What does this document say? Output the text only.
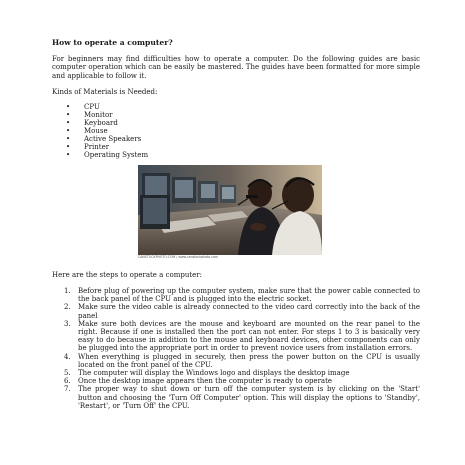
How to operate a computer?

For beginners may find difficulties how to operate a computer. Do the following guides are basic computer operation which can be easily be mastered. The guides have been formatted for more simple and applicable to follow it.

Kinds of Materials is Needed:

• CPU
• Monitor
• Keyboard
• Mouse
• Active Speakers
• Printer
• Operating System
CANSTOCKPHOTO.COM / www.canstockphoto.com

Here are the steps to operate a computer:

1. Before plug of powering up the computer system, make sure that the power cable connected to the back panel of the CPU and is plugged into the electric socket.
2. Make sure the video cable is already connected to the video card correctly into the back of the panel
3. Make sure both devices are the mouse and keyboard are mounted on the rear panel to the right. Because if one is installed then the port can not enter. For steps 1 to 3 is basically very easy to do because in addition to the mouse and keyboard devices, other components can only be plugged into the appropriate port in order to prevent novice users from installation errors.
4. When everything is plugged in securely, then press the power button on the CPU is usually located on the front panel of the CPU.
5. The computer will display the Windows logo and displays the desktop image
6. Once the desktop image appears then the computer is ready to operate
7. The proper way to shut down or turn off the computer system is by clicking on the 'Start' button and choosing the 'Turn Off Computer' option. This will display the options to 'Standby', 'Restart', or 'Turn Off' the CPU.
